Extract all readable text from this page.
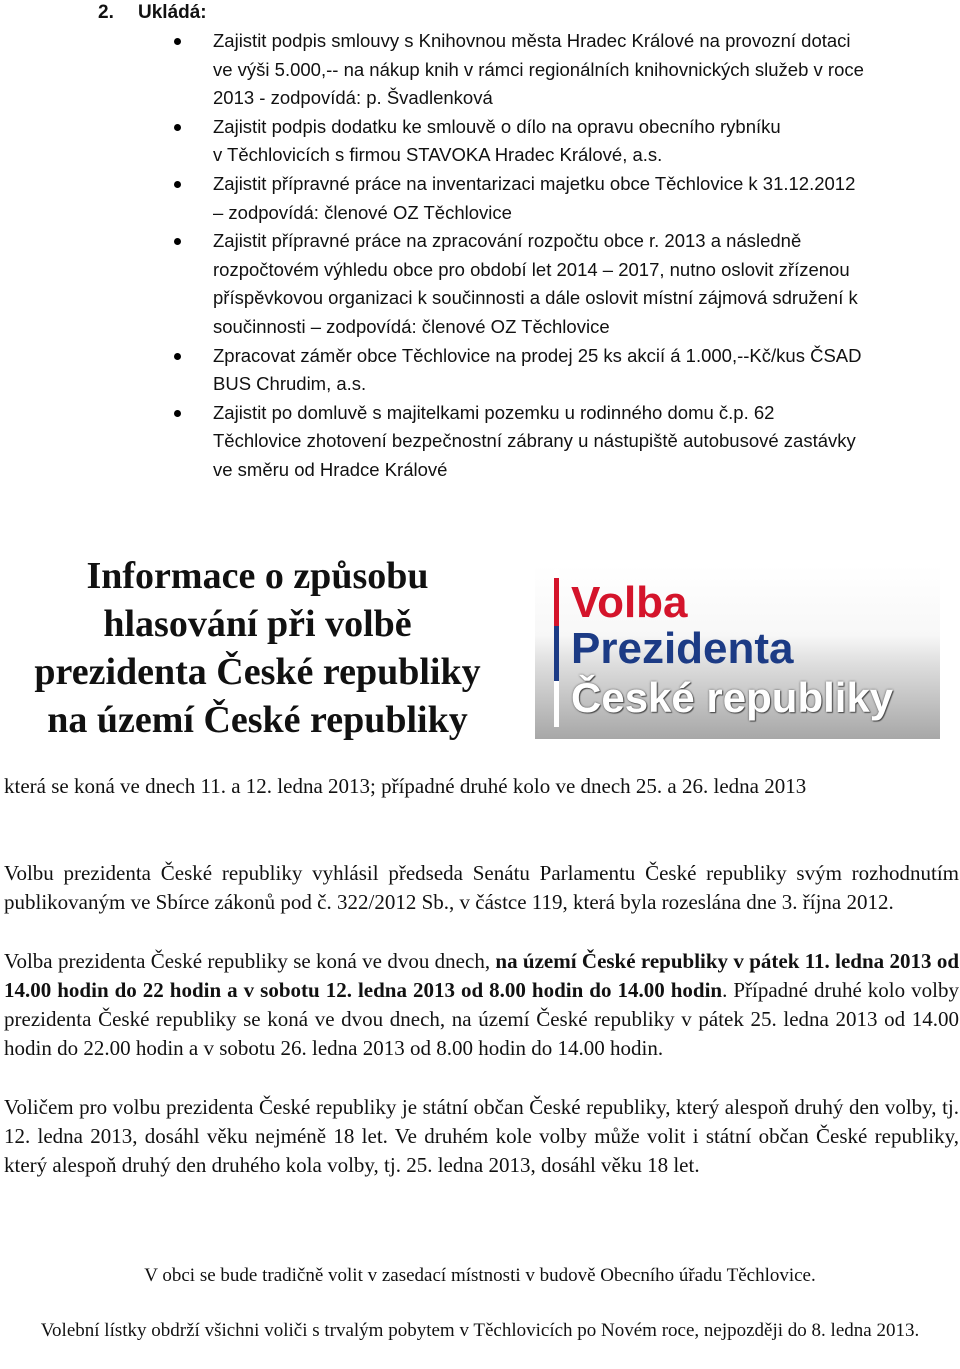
2. Ukládá:
Zajistit podpis smlouvy s Knihovnou města Hradec Králové na provozní dotaci
ve výši 5.000,-- na nákup knih v rámci regionálních knihovnických služeb v roce
2013 - zodpovídá: p. Švadlenková
Zajistit podpis dodatku ke smlouvě o dílo na opravu obecního rybníku
v Těchlovicích s firmou STAVOKA Hradec Králové, a.s.
Zajistit přípravné práce na inventarizaci majetku obce Těchlovice k 31.12.2012
– zodpovídá: členové OZ Těchlovice
Zajistit přípravné práce na zpracování rozpočtu obce r. 2013 a následně
rozpočtovém výhledu obce pro období let 2014 – 2017, nutno oslovit zřízenou
příspěvkovou organizaci k součinnosti a dále oslovit místní zájmová sdružení k
součinnosti – zodpovídá: členové OZ Těchlovice
Zpracovat záměr obce Těchlovice na prodej 25 ks akcií á 1.000,--Kč/kus ČSAD
BUS Chrudim, a.s.
Zajistit po domluvě s majitelkami pozemku u rodinného domu č.p. 62
Těchlovice zhotovení bezpečnostní zábrany u nástupiště autobusové zastávky
ve směru od Hradce Králové
Informace o způsobu
hlasování při volbě
prezidenta České republiky
na území České republiky
Volba
Prezidenta
České republiky

která se koná ve dnech 11. a 12. ledna 2013; případné druhé kolo ve dnech 25. a 26. ledna 2013

Volbu prezidenta České republiky vyhlásil předseda Senátu Parlamentu České republiky svým rozhodnutím publikovaným ve Sbírce zákonů pod č. 322/2012 Sb., v částce 119, která byla rozeslána dne 3. října 2012.

Volba prezidenta České republiky se koná ve dvou dnech, na území České republiky v pátek 11. ledna 2013 od 14.00 hodin do 22 hodin a v sobotu 12. ledna 2013 od 8.00 hodin do 14.00 hodin. Případné druhé kolo volby prezidenta České republiky se koná ve dvou dnech, na území České republiky v pátek 25. ledna 2013 od 14.00 hodin do 22.00 hodin a v sobotu 26. ledna 2013 od 8.00 hodin do 14.00 hodin.

Voličem pro volbu prezidenta České republiky je státní občan České republiky, který alespoň druhý den volby, tj. 12. ledna 2013, dosáhl věku nejméně 18 let. Ve druhém kole volby může volit i státní občan České republiky, který alespoň druhý den druhého kola volby, tj. 25. ledna 2013, dosáhl věku 18 let.

V obci se bude tradičně volit v zasedací místnosti v budově Obecního úřadu Těchlovice.

Volební lístky obdrží všichni voliči s trvalým pobytem v Těchlovicích po Novém roce, nejpozději do 8. ledna 2013.
